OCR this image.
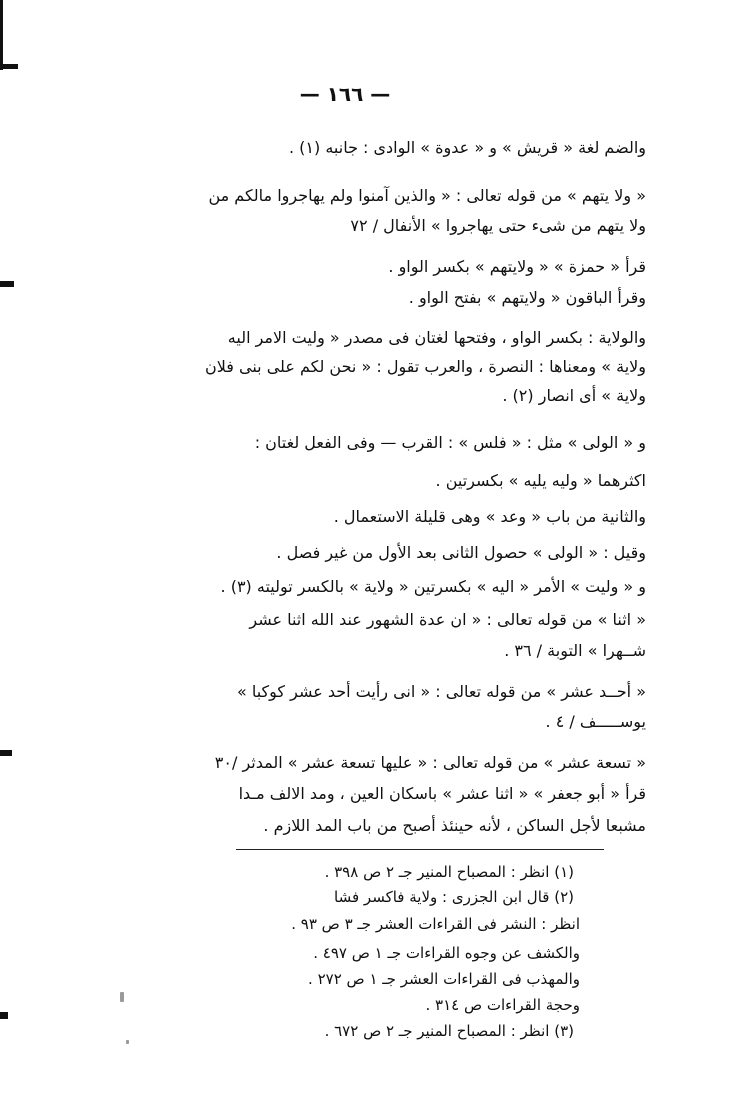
— ١٦٦ —
والضم لغة « قريش » و « عدوة » الوادى : جانبه (١) .
« ولا يتهم » من قوله تعالى : « والذين آمنوا ولم يهاجروا مالكم من
ولا يتهم من شىء حتى يهاجروا » الأنفال / ٧٢
قرأ « حمزة » « ولايتهم » بكسر الواو .
وقرأ الباقون « ولايتهم » بفتح الواو .
والولاية : بكسر الواو ، وفتحها لغتان فى مصدر « وليت الامر اليه
ولاية » ومعناها : النصرة ، والعرب تقول : « نحن لكم على بنى فلان
ولاية » أى انصار (٢) .
و « الولى » مثل : « فلس » : القرب — وفى الفعل لغتان :
اكثرهما « وليه يليه » بكسرتين .
والثانية من باب « وعد » وهى قليلة الاستعمال .
وقيل : « الولى » حصول الثانى بعد الأول من غير فصل .
و « وليت » الأمر « اليه » بكسرتين « ولاية » بالكسر توليته (٣) .
« اثنا » من قوله تعالى : « ان عدة الشهور عند الله اثنا عشر
شــهرا » التوبة / ٣٦ .
« أحــد عشر » من قوله تعالى : « انى رأيت أحد عشر كوكبا »
يوســـــف / ٤ .
« تسعة عشر » من قوله تعالى : « عليها تسعة عشر » المدثر /٣٠
قرأ « أبو جعفر » « اثنا عشر » باسكان العين ، ومد الالف مـدا
مشبعا لأجل الساكن ، لأنه حينئذ أصبح من باب المد اللازم .
(١) انظر : المصباح المنير جـ ٢ ص ٣٩٨ .
(٢) قال ابن الجزرى : ولاية فاكسر فشا
انظر : النشر فى القراءات العشر جـ ٣ ص ٩٣ .
والكشف عن وجوه القراءات جـ ١ ص ٤٩٧ .
والمهذب فى القراءات العشر جـ ١ ص ٢٧٢ .
وحجة القراءات ص ٣١٤ .
(٣) انظر : المصباح المنير جـ ٢ ص ٦٧٢ .
